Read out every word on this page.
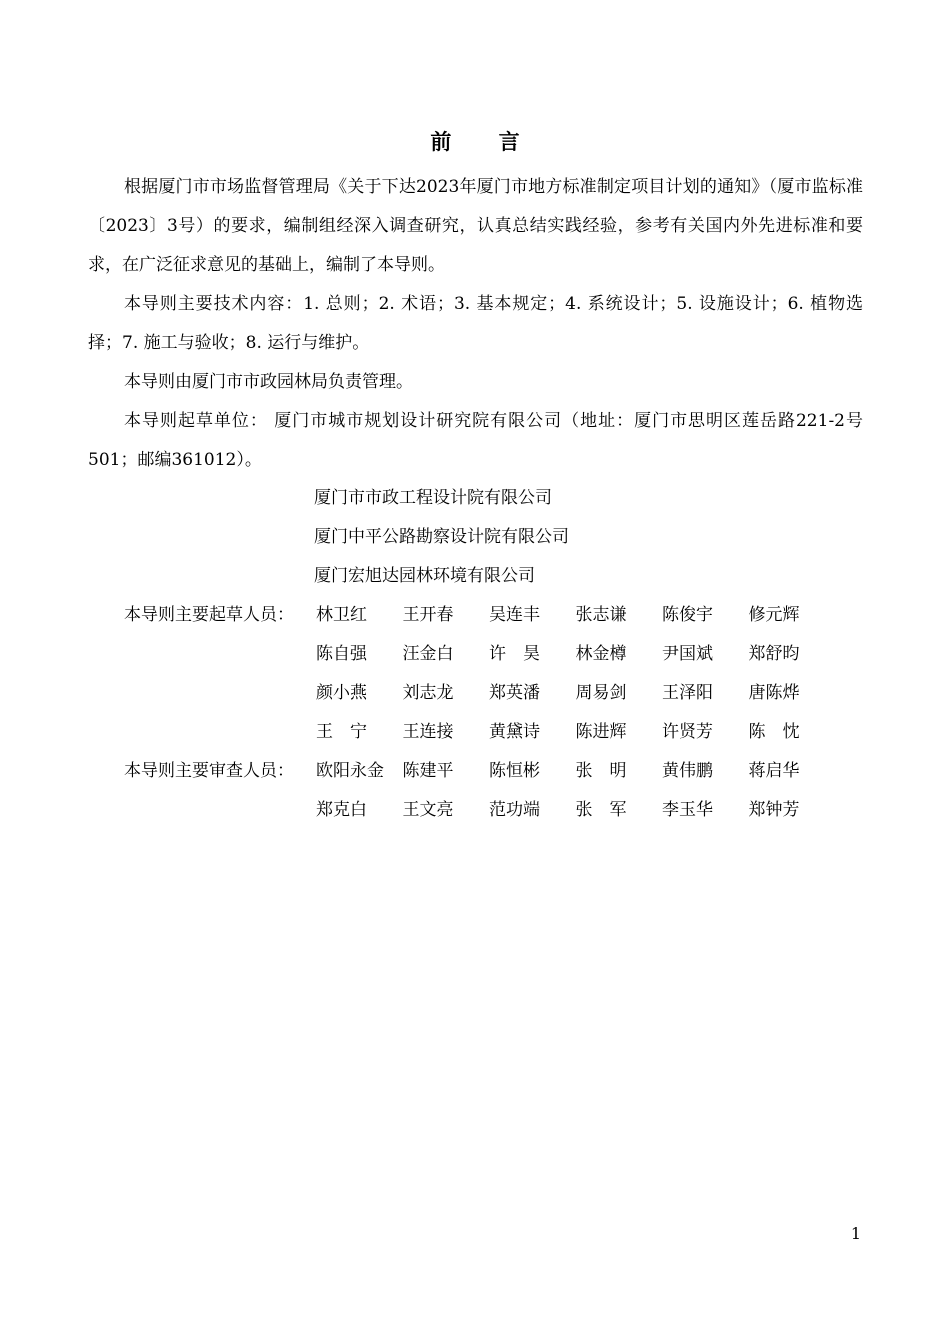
前 言

根据厦门市市场监督管理局《关于下达2023年厦门市地方标准制定项目计划的通知》（厦市监标准〔2023〕3号）的要求，编制组经深入调查研究，认真总结实践经验，参考有关国内外先进标准和要求，在广泛征求意见的基础上，编制了本导则。

本导则主要技术内容：1. 总则；2. 术语；3. 基本规定；4. 系统设计；5. 设施设计；6. 植物选择；7. 施工与验收；8. 运行与维护。

本导则由厦门市市政园林局负责管理。

本导则起草单位： 厦门市城市规划设计研究院有限公司（地址：厦门市思明区莲岳路221-2号501；邮编361012）。

厦门市市政工程设计院有限公司
厦门中平公路勘察设计院有限公司
厦门宏旭达园林环境有限公司
本导则主要起草人员： 林卫红 王开春 吴连丰 张志谦 陈俊宇 修元辉
陈自强 汪金白 许　昊 林金樽 尹国斌 郑舒昀
颜小燕 刘志龙 郑英潘 周易剑 王泽阳 唐陈烨
王　宁 王连接 黄黛诗 陈进辉 许贤芳 陈　忱
本导则主要审查人员： 欧阳永金 陈建平 陈恒彬 张　明 黄伟鹏 蒋启华
郑克白 王文亮 范功端 张　军 李玉华 郑钟芳
1
